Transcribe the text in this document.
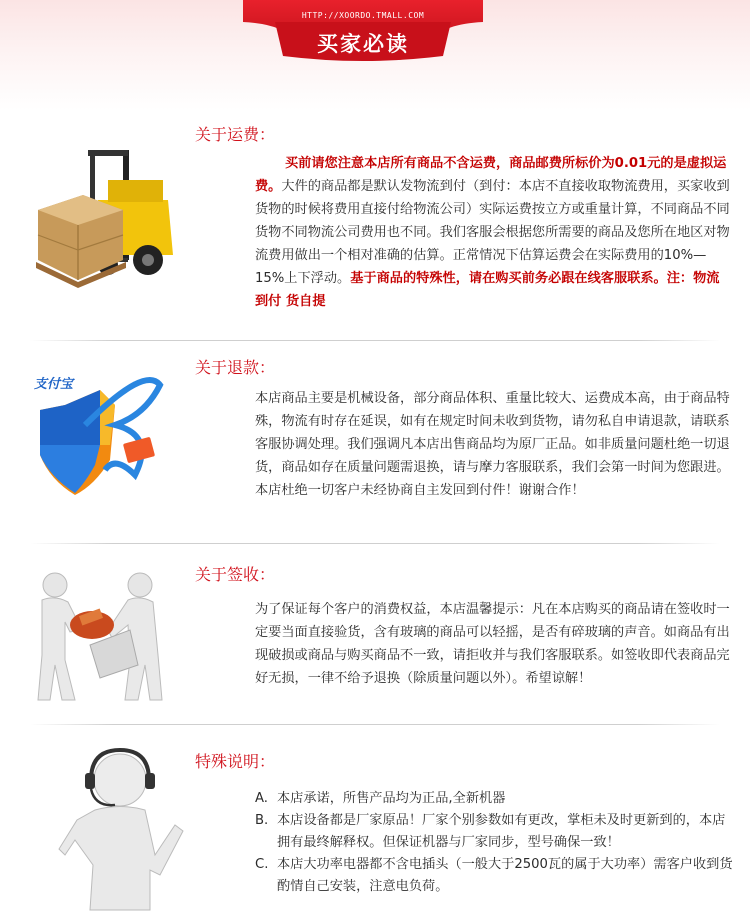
HTTP://XOORDO.TMALL.COM
买家必读
关于运费：
买前请您注意本店所有商品不含运费，商品邮费所标价为0.01元的是虚拟运费。大件的商品都是默认发物流到付（到付：本店不直接收取物流费用，买家收到货物的时候将费用直接付给物流公司）实际运费按立方或重量计算，不同商品不同货物不同物流公司费用也不同。我们客服会根据您所需要的商品及您所在地区对物流费用做出一个相对准确的估算。正常情况下估算运费会在实际费用的10%—15%上下浮动。基于商品的特殊性，请在购买前务必跟在线客服联系。注：物流到付 货自提
支付宝
关于退款：
本店商品主要是机械设备，部分商品体积、重量比较大、运费成本高，由于商品特殊，物流有时存在延误，如有在规定时间未收到货物，请勿私自申请退款，请联系客服协调处理。我们强调凡本店出售商品均为原厂正品。如非质量问题杜绝一切退货，商品如存在质量问题需退换，请与摩力客服联系，我们会第一时间为您跟进。本店杜绝一切客户未经协商自主发回到付件！谢谢合作！
关于签收：
为了保证每个客户的消费权益，本店温馨提示：凡在本店购买的商品请在签收时一定要当面直接验货，含有玻璃的商品可以轻摇，是否有碎玻璃的声音。如商品有出现破损或商品与购买商品不一致，请拒收并与我们客服联系。如签收即代表商品完好无损，一律不给予退换（除质量问题以外）。希望谅解！
特殊说明：
A. 本店承诺，所售产品均为正品,全新机器
B. 本店设备都是厂家原品！厂家个别参数如有更改，掌柜未及时更新到的，本店拥有最终解释权。但保证机器与厂家同步，型号确保一致！
C. 本店大功率电器都不含电插头（一般大于2500瓦的属于大功率）需客户收到货酌情自己安装，注意电负荷。
